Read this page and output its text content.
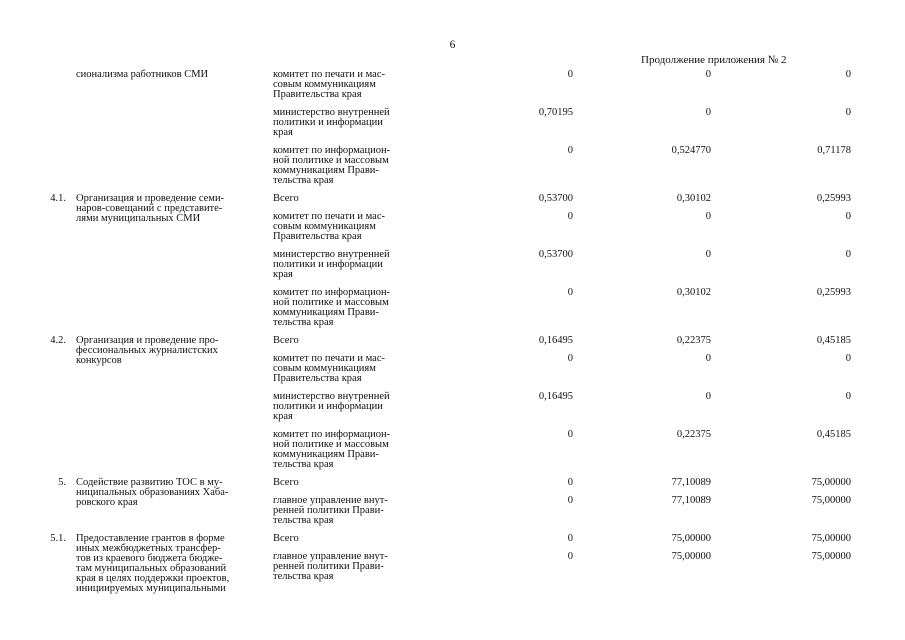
6
Продолжение приложения № 2
сионализма работников СМИ	комитет по печати и мас-
совым коммуникациям
Правительства края
0	0	0
министерство внутренней
политики и информации
края
0,70195	0	0
комитет по информацион-
ной политике и массовым
коммуникациям Прави-
тельства края
0	0,524770	0,71178
4.1. Организация и проведение семи-
наров-совещаний с представите-
лями муниципальных СМИ
Всего	0,53700	0,30102	0,25993
комитет по печати и мас-
совым коммуникациям
Правительства края
0	0	0
министерство внутренней
политики и информации
края
0,53700	0	0
комитет по информацион-
ной политике и массовым
коммуникациям Прави-
тельства края
0	0,30102	0,25993
4.2. Организация и проведение про-
фессиональных журналистских
конкурсов
Всего	0,16495	0,22375	0,45185
комитет по печати и мас-
совым коммуникациям
Правительства края
0	0	0
министерство внутренней
политики и информации
края
0,16495	0	0
комитет по информацион-
ной политике и массовым
коммуникациям Прави-
тельства края
0	0,22375	0,45185
5. Содействие развитию ТОС в му-
ниципальных образованиях Хаба-
ровского края
Всего	0	77,10089	75,00000
главное управление внут-
ренней политики Прави-
тельства края
0	77,10089	75,00000
5.1. Предоставление грантов в форме
иных межбюджетных трансфер-
тов из краевого бюджета бюдже-
там муниципальных образований
края в целях поддержки проектов,
инициируемых муниципальными
Всего	0	75,00000	75,00000
главное управление внут-
ренней политики Прави-
тельства края
0	75,00000	75,00000
